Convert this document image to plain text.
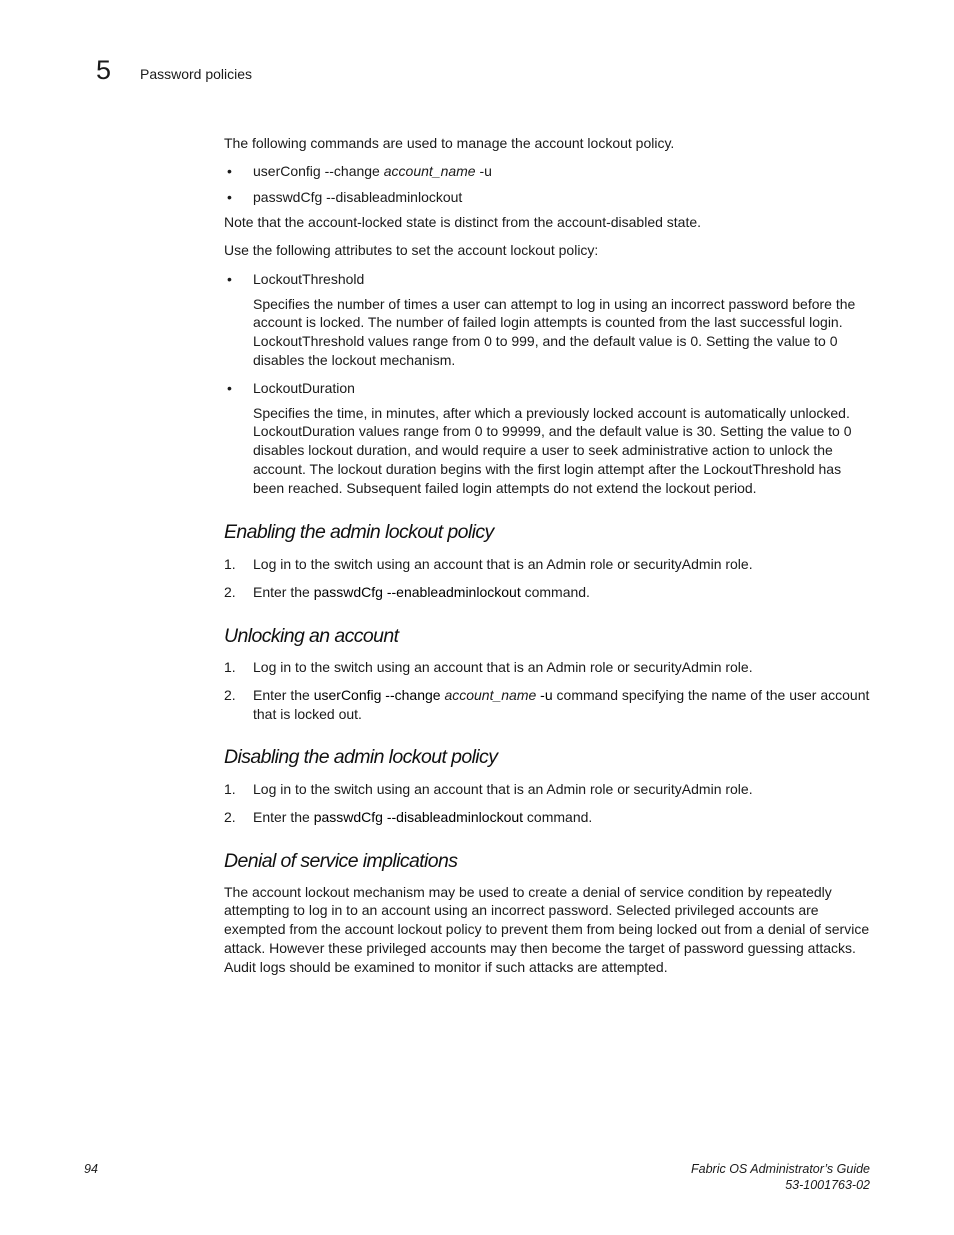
5 Password policies

The following commands are used to manage the account lockout policy.

• userConfig --change account_name -u
• passwdCfg --disableadminlockout

Note that the account-locked state is distinct from the account-disabled state.

Use the following attributes to set the account lockout policy:

• LockoutThreshold

Specifies the number of times a user can attempt to log in using an incorrect password before the account is locked. The number of failed login attempts is counted from the last successful login. LockoutThreshold values range from 0 to 999, and the default value is 0. Setting the value to 0 disables the lockout mechanism.

• LockoutDuration

Specifies the time, in minutes, after which a previously locked account is automatically unlocked. LockoutDuration values range from 0 to 99999, and the default value is 30. Setting the value to 0 disables lockout duration, and would require a user to seek administrative action to unlock the account. The lockout duration begins with the first login attempt after the LockoutThreshold has been reached. Subsequent failed login attempts do not extend the lockout period.

Enabling the admin lockout policy
1. Log in to the switch using an account that is an Admin role or securityAdmin role.
2. Enter the passwdCfg --enableadminlockout command.
Unlocking an account
1. Log in to the switch using an account that is an Admin role or securityAdmin role.
2. Enter the userConfig --change account_name -u command specifying the name of the user account that is locked out.
Disabling the admin lockout policy
1. Log in to the switch using an account that is an Admin role or securityAdmin role.
2. Enter the passwdCfg --disableadminlockout command.
Denial of service implications

The account lockout mechanism may be used to create a denial of service condition by repeatedly attempting to log in to an account using an incorrect password. Selected privileged accounts are exempted from the account lockout policy to prevent them from being locked out from a denial of service attack. However these privileged accounts may then become the target of password guessing attacks. Audit logs should be examined to monitor if such attacks are attempted.

94	Fabric OS Administrator’s Guide
53-1001763-02
